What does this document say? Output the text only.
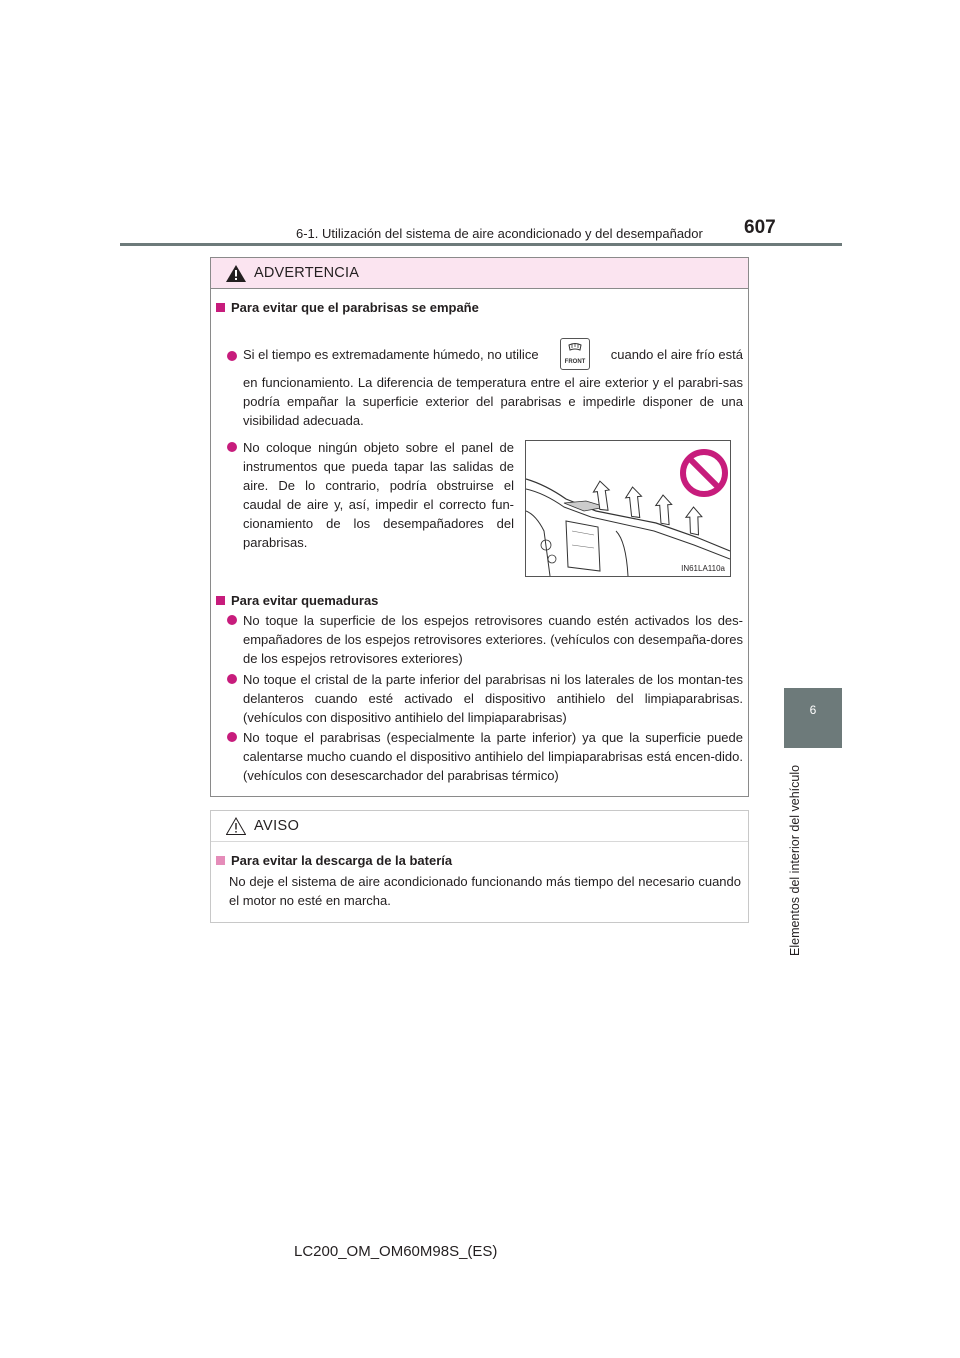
6-1. Utilización del sistema de aire acondicionado y del desempañador 607
6
Elementos del interior del vehículo
ADVERTENCIA
Para evitar que el parabrisas se empañe
Si el tiempo es extremadamente húmedo, no utilice
FRONT
cuando el aire frío está
en funcionamiento. La diferencia de temperatura entre el aire exterior y el parabri-sas podría empañar la superficie exterior del parabrisas e impedirle disponer de una visibilidad adecuada.
No coloque ningún objeto sobre el panel de instrumentos que pueda tapar las salidas de aire. De lo contrario, podría obstruirse el caudal de aire y, así, impedir el correcto fun-cionamiento de los desempañadores del parabrisas.
IN61LA110a
Para evitar quemaduras
No toque la superficie de los espejos retrovisores cuando estén activados los des-empañadores de los espejos retrovisores exteriores. (vehículos con desempaña-dores de los espejos retrovisores exteriores)
No toque el cristal de la parte inferior del parabrisas ni los laterales de los montan-tes delanteros cuando esté activado el dispositivo antihielo del limpiaparabrisas. (vehículos con dispositivo antihielo del limpiaparabrisas)
No toque el parabrisas (especialmente la parte inferior) ya que la superficie puede calentarse mucho cuando el dispositivo antihielo del limpiaparabrisas está encen-dido. (vehículos con desescarchador del parabrisas térmico)
AVISO
Para evitar la descarga de la batería
No deje el sistema de aire acondicionado funcionando más tiempo del necesario cuando el motor no esté en marcha.
LC200_OM_OM60M98S_(ES)
